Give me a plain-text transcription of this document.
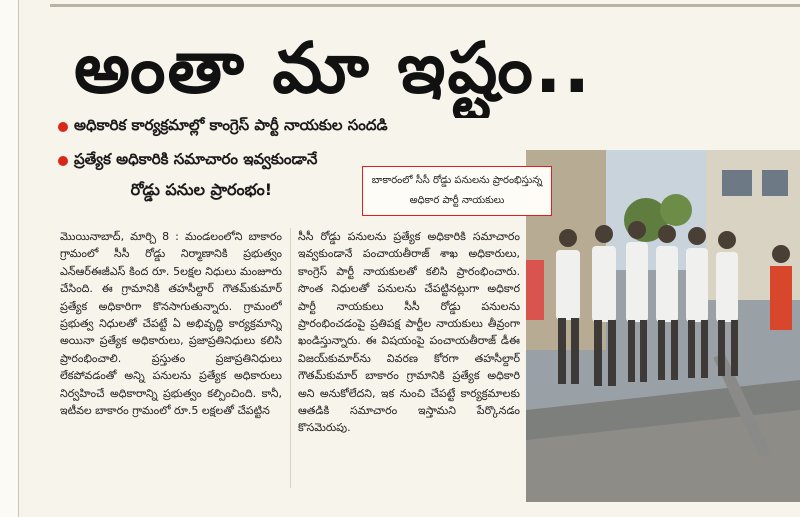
అంతా మా ఇష్టం..
అధికారిక కార్యక్రమాల్లో కాంగ్రెస్ పార్టీ నాయకుల సందడి
ప్రత్యేక అధికారికి సమాచారం ఇవ్వకుండానే
రోడ్డు పనుల ప్రారంభం!

మొయినాబాద్, మార్చి 8 : మండలంలోని బాకారం గ్రామంలో సీసీ రోడ్డు నిర్మాణానికి ప్రభుత్వం ఎన్ఆర్ఈజీఎస్ కింద రూ. 5లక్షల నిధులు మంజూరు చేసింది. ఈ గ్రామానికి తహసీల్దార్ గౌతమ్‌కుమార్ ప్రత్యేక అధికారిగా కొనసాగుతున్నారు. గ్రామంలో ప్రభుత్వ నిధులతో చేపట్టే ఏ అభివృద్ధి కార్యక్రమాన్ని అయినా ప్రత్యేక అధికారులు, ప్రజాప్రతినిధులు కలిసి ప్రారంభించాలి. ప్రస్తుతం ప్రజాప్రతినిధులు లేకపోవడంతో అన్ని పనులను ప్రత్యేక అధికారులు నిర్వహించే అధికారాన్ని ప్రభుత్వం కల్పించింది. కానీ, ఇటీవల బాకారం గ్రామంలో రూ.5 లక్షలతో చేపట్టిన

సీసీ రోడ్డు పనులను ప్రత్యేక అధికారికి సమాచారం ఇవ్వకుండానే పంచాయతీరాజ్ శాఖ అధికారులు, కాంగ్రెస్ పార్టీ నాయకులతో కలిసి ప్రారంభించారు. సొంత నిధులతో పనులను చేపట్టినట్లుగా అధికార పార్టీ నాయకులు సీసీ రోడ్డు పనులను ప్రారంభించడంపై ప్రతిపక్ష పార్టీల నాయకులు తీవ్రంగా ఖండిస్తున్నారు. ఈ విషయంపై పంచాయతీరాజ్ డీఈ విజయ్‌కుమార్‌ను వివరణ కోరగా తహసీల్దార్ గౌతమ్‌కుమార్ బాకారం గ్రామానికి ప్రత్యేక అధికారి అని అనుకోలేదని, ఇక నుంచి చేపట్టే కార్యక్రమాలకు ఆతడికి సమాచారం ఇస్తామని పేర్కొనడం కొసమెరుపు.

బాకారంలో సీసీ రోడ్డు పనులను ప్రారంభిస్తున్న అధికార పార్టీ నాయకులు
